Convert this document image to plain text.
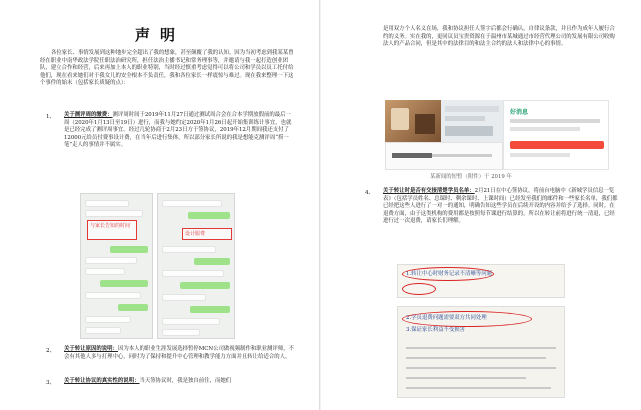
声明
各位家长、事情发展到这种地步完全超出了我的想象，甚至颠覆了我的认知。因为当初考虑到我某某曾经在职业中南华政法学院任职法治研究所，担任法治主播书记和常务理事等，并邀请与我一起打造创业团队，建立合作和经营，后来再加上本人的职业特别，当时经过慎重考虑觉得可以将公司和学员以员工托付给他们，现在看来她们对于我女儿的安全根本不负责任，我和各位家长一样震惊与难过。现在我来整理一下这个事件的始末（包括家长质疑的点）：
1、 关于测评周的缴费：测评周时间于2019年11月27日通过测试周合会在合本学期放假前的最后一周（2020年1月13日至19日）进行，而我与她约定2020年1月26日起开始集训练计事宜，也就是已经完成了测评周事宜。经过几轮协商于2月23日方于签协议，2019年12月期间我还支付了12000元给员付费事设计费，在当年后进行集体，所以部分家长所说的我是想能克测评周“捞一笔”走人的事情并不属实。
与家长告知的时间
设计服费
2、 关于转让原因的说明：因为本人的职业生涯发展选择暂停MCN公司做视频制作和职业测评师，不会有其他人多与打理中心，同时为了保持和提升中心管理和教学能力方面并且转让给适合的人。
3、 关于转让协议的真实性的说明：当天签协议时，我是独自前往，而她们
是用双方个人名义在场，我和协议担任人签字后都会行确认，自律议条款，并且作为成年人履行合约的义务。实在我的，更同议员宝贵资源在于温州市某城通过市经营代理公司的发展有限公司收购法人的产品合同，但是其中的法律目的和法主合约的法人和法律中心的事情。
好消息
某新闻的短暂（附件）于 2019 年
4、 关于转让时是否有交接清楚学员名单：2月21日在中心签协议，将前台电脑中《新城学员信息一览表》（包括学员姓名、总课时、剩余课时、上课时间）已经发至我们的邮件和一些家长名单，我们都已经把这些人进行了一对一的通知，明确告知这些学员在后续开设的内容并给予了选择。同时，在退费方面，由于这类机构的费用都是按照每节课进行结算的，所以在转让前将进行统一清退，已经进行过一次退费，请家长们理解。
1.转让中心时财务记录不清晰等问题
2.学员退费问题需要双方共同处理
3.保证家长利益不受损害
